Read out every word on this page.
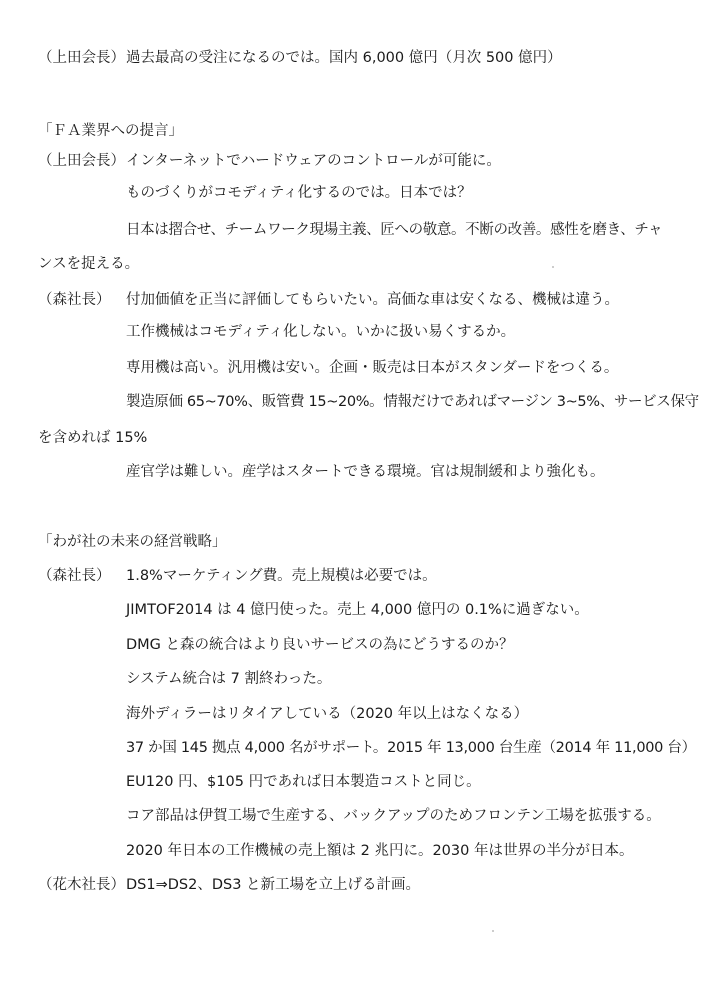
（上田会長） 過去最高の受注になるのでは。国内 6,000 億円（月次 500 億円）
「ＦＡ業界への提言」
（上田会長） インターネットでハードウェアのコントロールが可能に。
ものづくりがコモディティ化するのでは。日本では？
日本は摺合せ、チームワーク現場主義、匠への敬意。不断の改善。感性を磨き、チャ
ンスを捉える。
（森社長） 付加価値を正当に評価してもらいたい。高価な車は安くなる、機械は違う。
工作機械はコモディティ化しない。いかに扱い易くするか。
専用機は高い。汎用機は安い。企画・販売は日本がスタンダードをつくる。
製造原価 65~70%、販管費 15~20%。情報だけであればマージン 3~5%、サービス保守
を含めれば 15%
産官学は難しい。産学はスタートできる環境。官は規制緩和より強化も。
「わが社の未来の経営戦略」
（森社長） 1.8%マーケティング費。売上規模は必要では。
JIMTOF2014 は 4 億円使った。売上 4,000 億円の 0.1%に過ぎない。
DMG と森の統合はより良いサービスの為にどうするのか？
システム統合は 7 割終わった。
海外ディラーはリタイアしている（2020 年以上はなくなる）
37 か国 145 拠点 4,000 名がサポート。2015 年 13,000 台生産（2014 年 11,000 台）
EU120 円、$105 円であれば日本製造コストと同じ。
コア部品は伊賀工場で生産する、バックアップのためフロンテン工場を拡張する。
2020 年日本の工作機械の売上額は 2 兆円に。2030 年は世界の半分が日本。
（花木社長） DS1⇒DS2、DS3 と新工場を立上げる計画。
